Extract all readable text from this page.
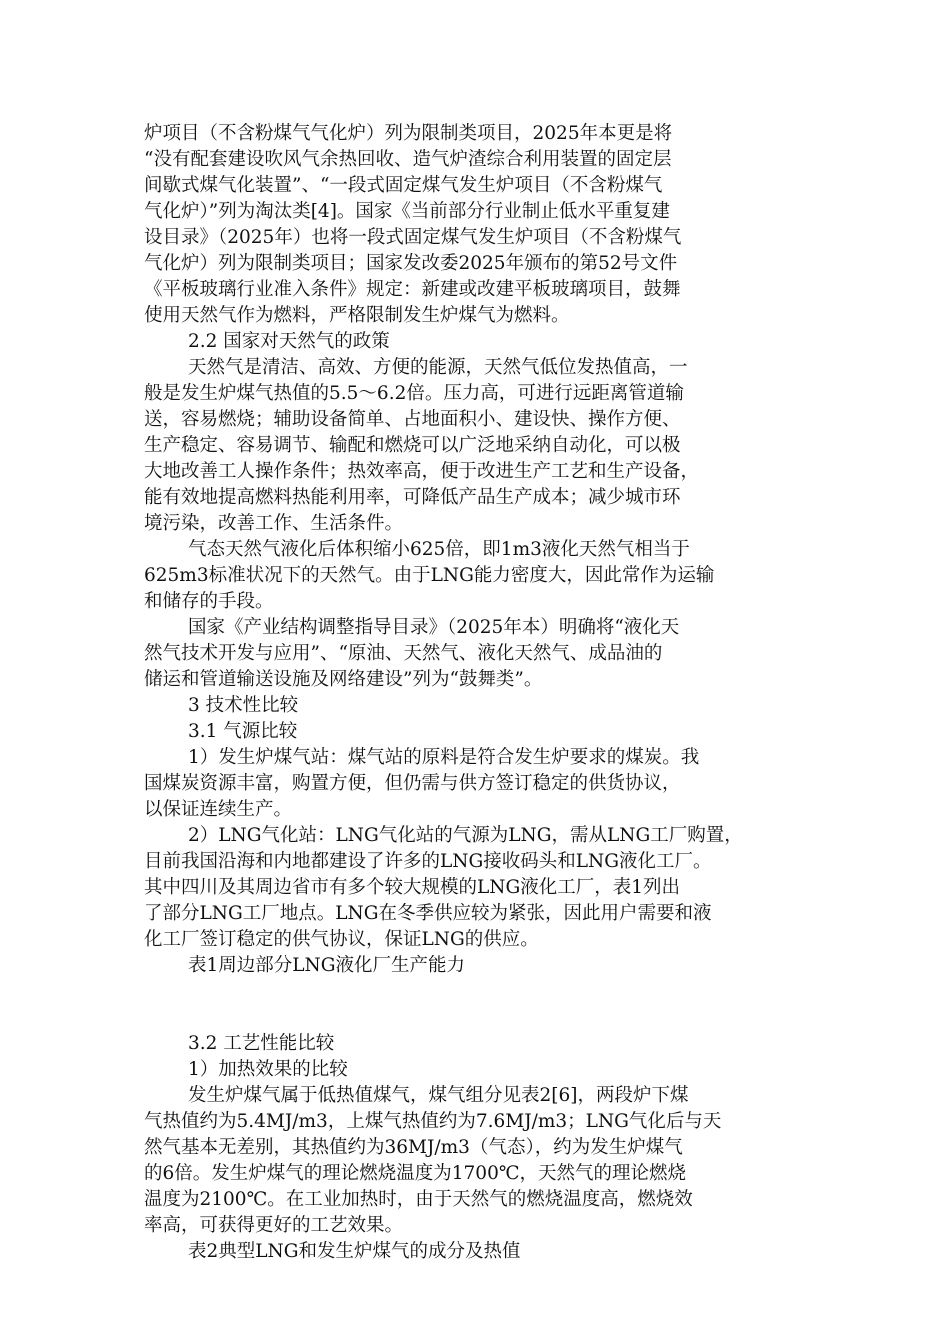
炉项目（不含粉煤气气化炉）列为限制类项目，2025年本更是将
“没有配套建设吹风气余热回收、造气炉渣综合利用装置的固定层
间歇式煤气化装置”、“一段式固定煤气发生炉项目（不含粉煤气
气化炉）”列为淘汰类[4]。国家《当前部分行业制止低水平重复建
设目录》（2025年）也将一段式固定煤气发生炉项目（不含粉煤气
气化炉）列为限制类项目；国家发改委2025年颁布的第52号文件
《平板玻璃行业准入条件》规定：新建或改建平板玻璃项目，鼓舞
使用天然气作为燃料，严格限制发生炉煤气为燃料。
2.2 国家对天然气的政策
天然气是清洁、高效、方便的能源，天然气低位发热值高，一
般是发生炉煤气热值的5.5～6.2倍。压力高，可进行远距离管道输
送，容易燃烧；辅助设备简单、占地面积小、建设快、操作方便、
生产稳定、容易调节、输配和燃烧可以广泛地采纳自动化，可以极
大地改善工人操作条件；热效率高，便于改进生产工艺和生产设备，
能有效地提高燃料热能利用率，可降低产品生产成本；减少城市环
境污染，改善工作、生活条件。
气态天然气液化后体积缩小625倍，即1m3液化天然气相当于
625m3标准状况下的天然气。由于LNG能力密度大，因此常作为运输
和储存的手段。
国家《产业结构调整指导目录》（2025年本）明确将“液化天
然气技术开发与应用”、“原油、天然气、液化天然气、成品油的
储运和管道输送设施及网络建设”列为“鼓舞类”。
3 技术性比较
3.1 气源比较
1）发生炉煤气站：煤气站的原料是符合发生炉要求的煤炭。我
国煤炭资源丰富，购置方便，但仍需与供方签订稳定的供货协议，
以保证连续生产。
2）LNG气化站：LNG气化站的气源为LNG，需从LNG工厂购置，
目前我国沿海和内地都建设了许多的LNG接收码头和LNG液化工厂。
其中四川及其周边省市有多个较大规模的LNG液化工厂，表1列出
了部分LNG工厂地点。LNG在冬季供应较为紧张，因此用户需要和液
化工厂签订稳定的供气协议，保证LNG的供应。
表1周边部分LNG液化厂生产能力
3.2 工艺性能比较
1）加热效果的比较
发生炉煤气属于低热值煤气，煤气组分见表2[6]，两段炉下煤
气热值约为5.4MJ/m3，上煤气热值约为7.6MJ/m3；LNG气化后与天
然气基本无差别，其热值约为36MJ/m3（气态），约为发生炉煤气
的6倍。发生炉煤气的理论燃烧温度为1700℃，天然气的理论燃烧
温度为2100℃。在工业加热时，由于天然气的燃烧温度高，燃烧效
率高，可获得更好的工艺效果。
表2典型LNG和发生炉煤气的成分及热值
